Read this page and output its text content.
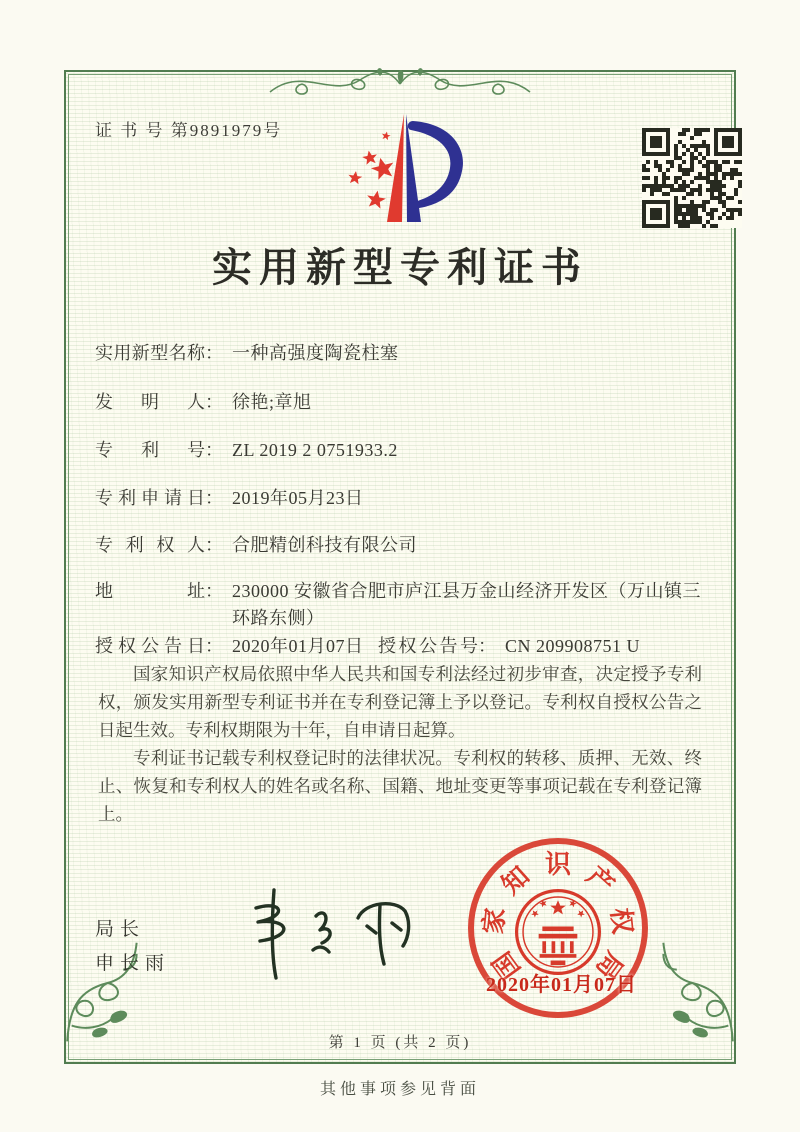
证 书 号 第9891979号
实用新型专利证书
实用新型名称： 一种高强度陶瓷柱塞
发明人： 徐艳;章旭
专利号： ZL 2019 2 0751933.2
专利申请日： 2019年05月23日
专利权人： 合肥精创科技有限公司
地址： 230000 安徽省合肥市庐江县万金山经济开发区（万山镇三环路东侧）
授权公告日： 2020年01月07日 授权公告号： CN 209908751 U

国家知识产权局依照中华人民共和国专利法经过初步审查，决定授予专利权，颁发实用新型专利证书并在专利登记簿上予以登记。专利权自授权公告之日起生效。专利权期限为十年，自申请日起算。

专利证书记载专利权登记时的法律状况。专利权的转移、质押、无效、终止、恢复和专利权人的姓名或名称、国籍、地址变更等事项记载在专利登记簿上。

局长
申长雨	国
家
知 识 产
权
局
2020年01月07日
第 1 页 (共 2 页)
其他事项参见背面
